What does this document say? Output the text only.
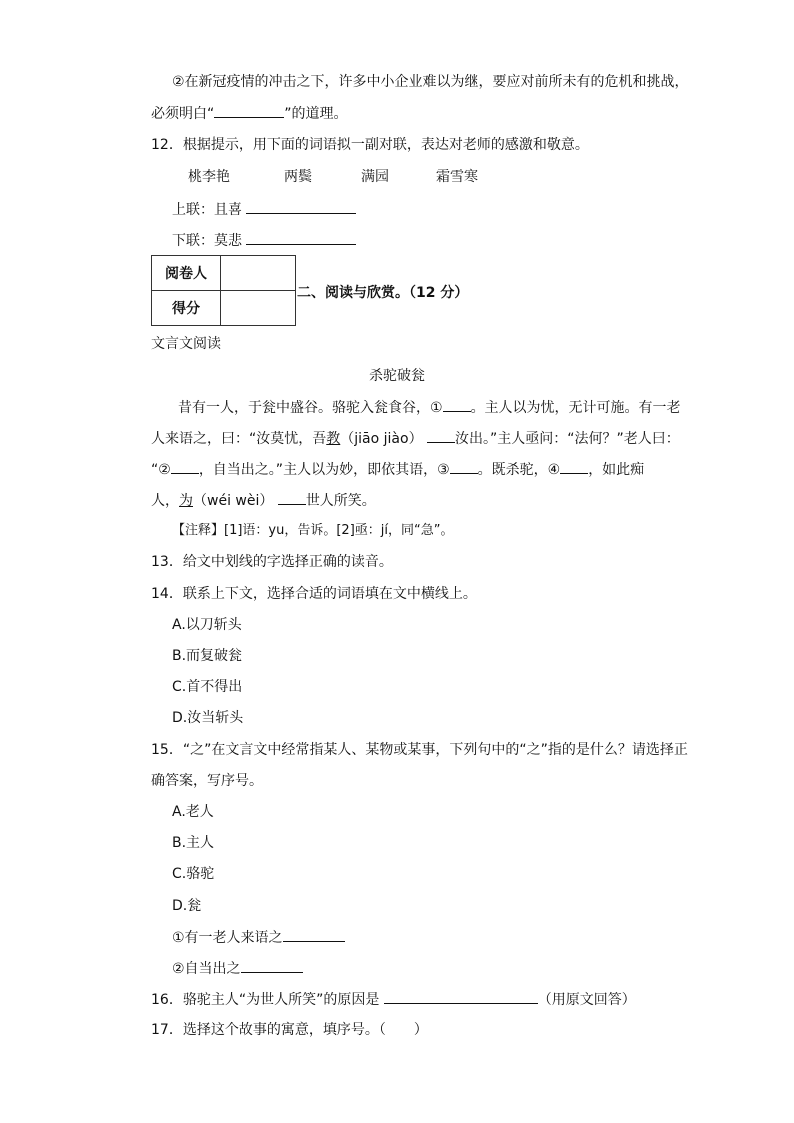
②在新冠疫情的冲击之下，许多中小企业难以为继，要应对前所未有的危机和挑战，
必须明白“	”的道理。
12．根据提示，用下面的词语拟一副对联，表达对老师的感激和敬意。
桃李艳	两鬓	满园	霜雪寒
上联：且喜
下联：莫悲
阅卷人	
得分	
二、阅读与欣赏。（12 分）
文言文阅读
杀驼破瓮
昔有一人，于瓮中盛谷。骆驼入瓮食谷，① 。主人以为忧，无计可施。有一老
人来语之，曰：“汝莫忧，吾教（jiāo jiào） 汝出。”主人亟问：“法何？”老人曰：
“② ，自当出之。”主人以为妙，即依其语，③ 。既杀驼，④ ，如此痴
人，为（wéi wèi） 世人所笑。
【注释】[1]语：yu，告诉。[2]亟：jí，同“急”。
13．给文中划线的字选择正确的读音。
14．联系上下文，选择合适的词语填在文中横线上。
A.以刀斩头
B.而复破瓮
C.首不得出
D.汝当斩头
15．“之”在文言文中经常指某人、某物或某事，下列句中的“之”指的是什么？请选择正
确答案，写序号。
A.老人
B.主人
C.骆驼
D.瓮
①有一老人来语之
②自当出之
16．骆驼主人“为世人所笑”的原因是	（用原文回答）
17．选择这个故事的寓意，填序号。（　　）
